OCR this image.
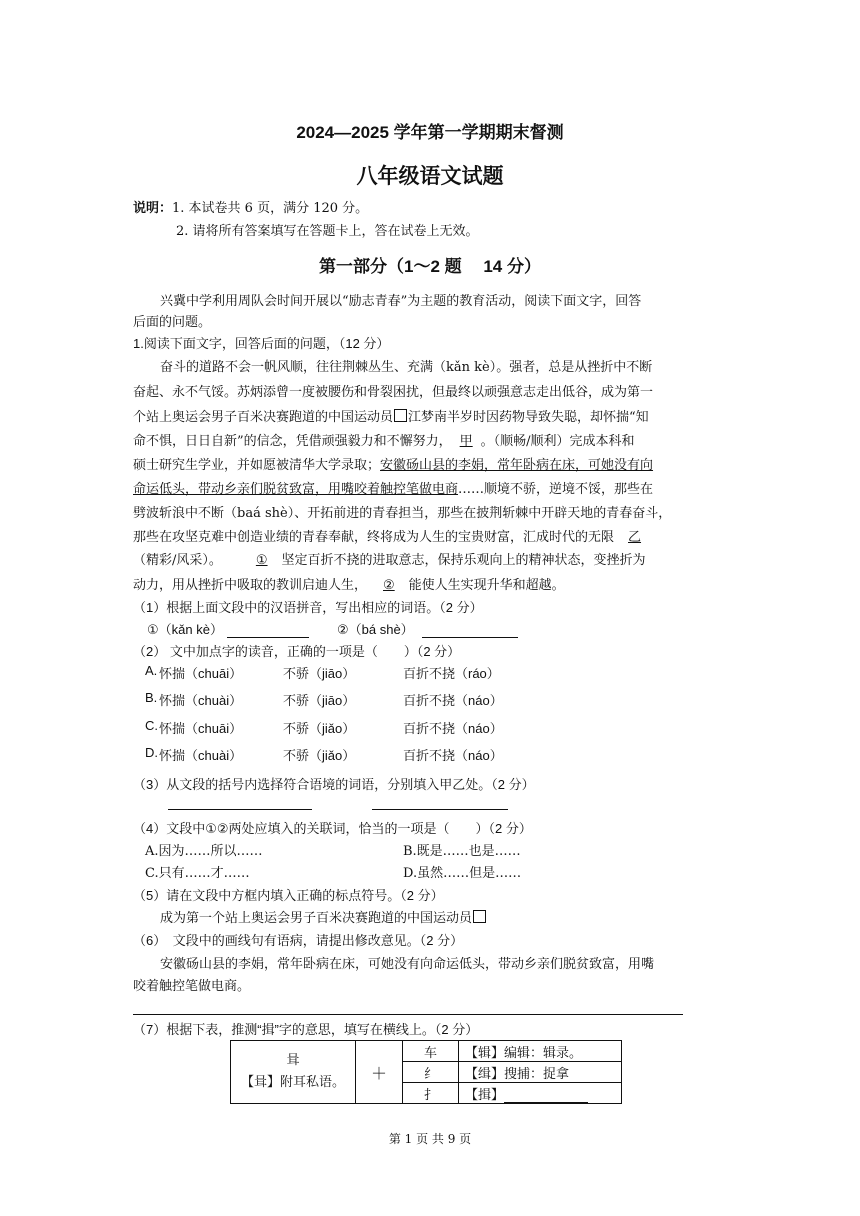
2024—2025 学年第一学期期末督测
八年级语文试题
说明：1. 本试卷共 6 页，满分 120 分。
2. 请将所有答案填写在答题卡上，答在试卷上无效。
第一部分（1～2 题　 14 分）
兴冀中学利用周队会时间开展以“励志青春”为主题的教育活动，阅读下面文字，回答
后面的问题。
1.阅读下面文字，回答后面的问题，（12 分）
奋斗的道路不会一帆风顺，往往荆棘丛生、充满（kǎn kè）。强者，总是从挫折中不断
奋起、永不气馁。苏炳添曾一度被腰伤和骨裂困扰，但最终以顽强意志走出低谷，成为第一
个站上奥运会男子百米决赛跑道的中国运动员 江梦南半岁时因药物导致失聪，却怀揣“知
命不惧，日日自新”的信念，凭借顽强毅力和不懈努力， 甲 。（顺畅/顺利）完成本科和
硕士研究生学业，并如愿被清华大学录取；安徽砀山县的李娟，常年卧病在床，可她没有向
命运低头，带动乡亲们脱贫致富，用嘴咬着触控笔做电商……顺境不骄，逆境不馁，那些在
劈波斩浪中不断（baá shè）、开拓前进的青春担当，那些在披荆斩棘中开辟天地的青春奋斗，
那些在攻坚克难中创造业绩的青春奉献，终将成为人生的宝贵财富，汇成时代的无限 乙
（精彩/风采）。	① 坚定百折不挠的进取意志，保持乐观向上的精神状态，变挫折为
动力，用从挫折中吸取的教训启迪人生， ② 能使人生实现升华和超越。
（1）根据上面文段中的汉语拼音，写出相应的词语。（2 分）
①（kǎn kè）	②（bá shè）
（2） 文中加点字的读音，正确的一项是（　　）（2 分）
A. 怀揣（chuāi）	不骄（jiāo）	百折不挠（ráo）
B. 怀揣（chuài）	不骄（jiāo）	百折不挠（náo）
C. 怀揣（chuāi）	不骄（jiǎo）	百折不挠（náo）
D. 怀揣（chuài）	不骄（jiǎo）	百折不挠（náo）
（3）从文段的括号内选择符合语境的词语，分别填入甲乙处。（2 分）
（4）文段中①②两处应填入的关联词，恰当的一项是（　　）（2 分）
A.因为……所以……	B.既是……也是……
C.只有……才……	D.虽然……但是……
（5）请在文段中方框内填入正确的标点符号。（2 分）
成为第一个站上奥运会男子百米决赛跑道的中国运动员
（6）　文段中的画线句有语病，请提出修改意见。（2 分）
安徽砀山县的李娟，常年卧病在床，可她没有向命运低头，带动乡亲们脱贫致富，用嘴
咬着触控笔做电商。
（7）根据下表，推测“揖”字的意思，填写在横线上。（2 分）
咠
【咠】附耳私语。	＋	车	【辑】编辑：辑录。
		纟	【缉】搜捕：捉拿
		扌	【揖】
第 1 页 共 9 页
